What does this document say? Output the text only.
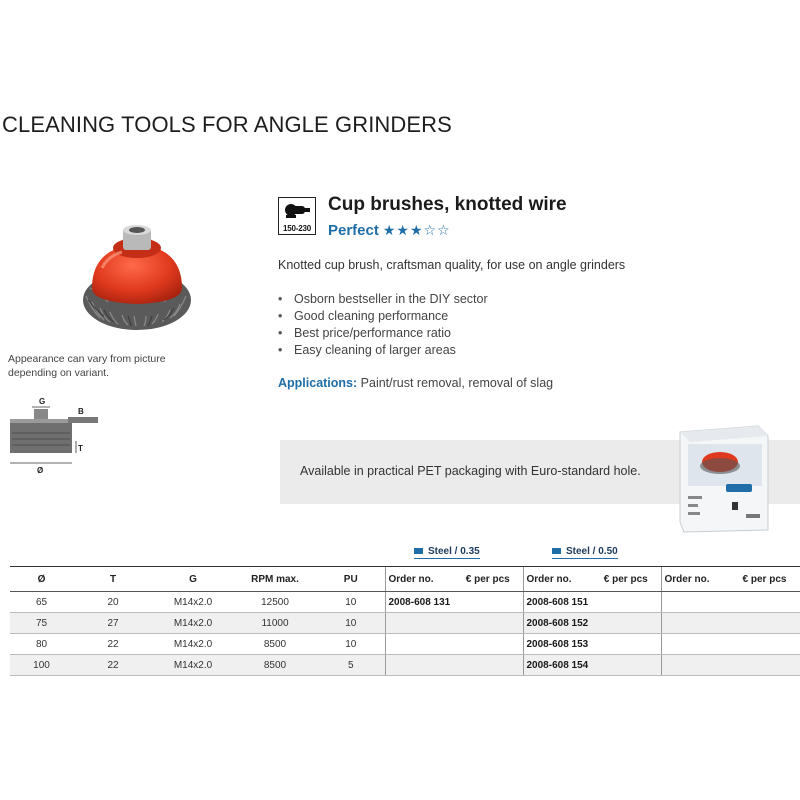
CLEANING TOOLS FOR ANGLE GRINDERS
Appearance can vary from picture depending on variant.
G
B
T
Ø
150-230
Cup brushes, knotted wire
Perfect ★ ★ ★ ☆ ☆
Knotted cup brush, craftsman quality, for use on angle grinders
• Osborn bestseller in the DIY sector
• Good cleaning performance
• Best price/performance ratio
• Easy cleaning of larger areas
Applications: Paint/rust removal, removal of slag
Available in practical PET packaging with Euro-standard hole.
Steel / 0.35	Steel / 0.50
Ø	T	G	RPM max.	PU	Order no.	€ per pcs	Order no.	€ per pcs	Order no.	€ per pcs
65	20	M14x2.0	12500	10	2008-608 131		2008-608 151			
75	27	M14x2.0	11000	10			2008-608 152			
80	22	M14x2.0	8500	10			2008-608 153			
100	22	M14x2.0	8500	5			2008-608 154			
